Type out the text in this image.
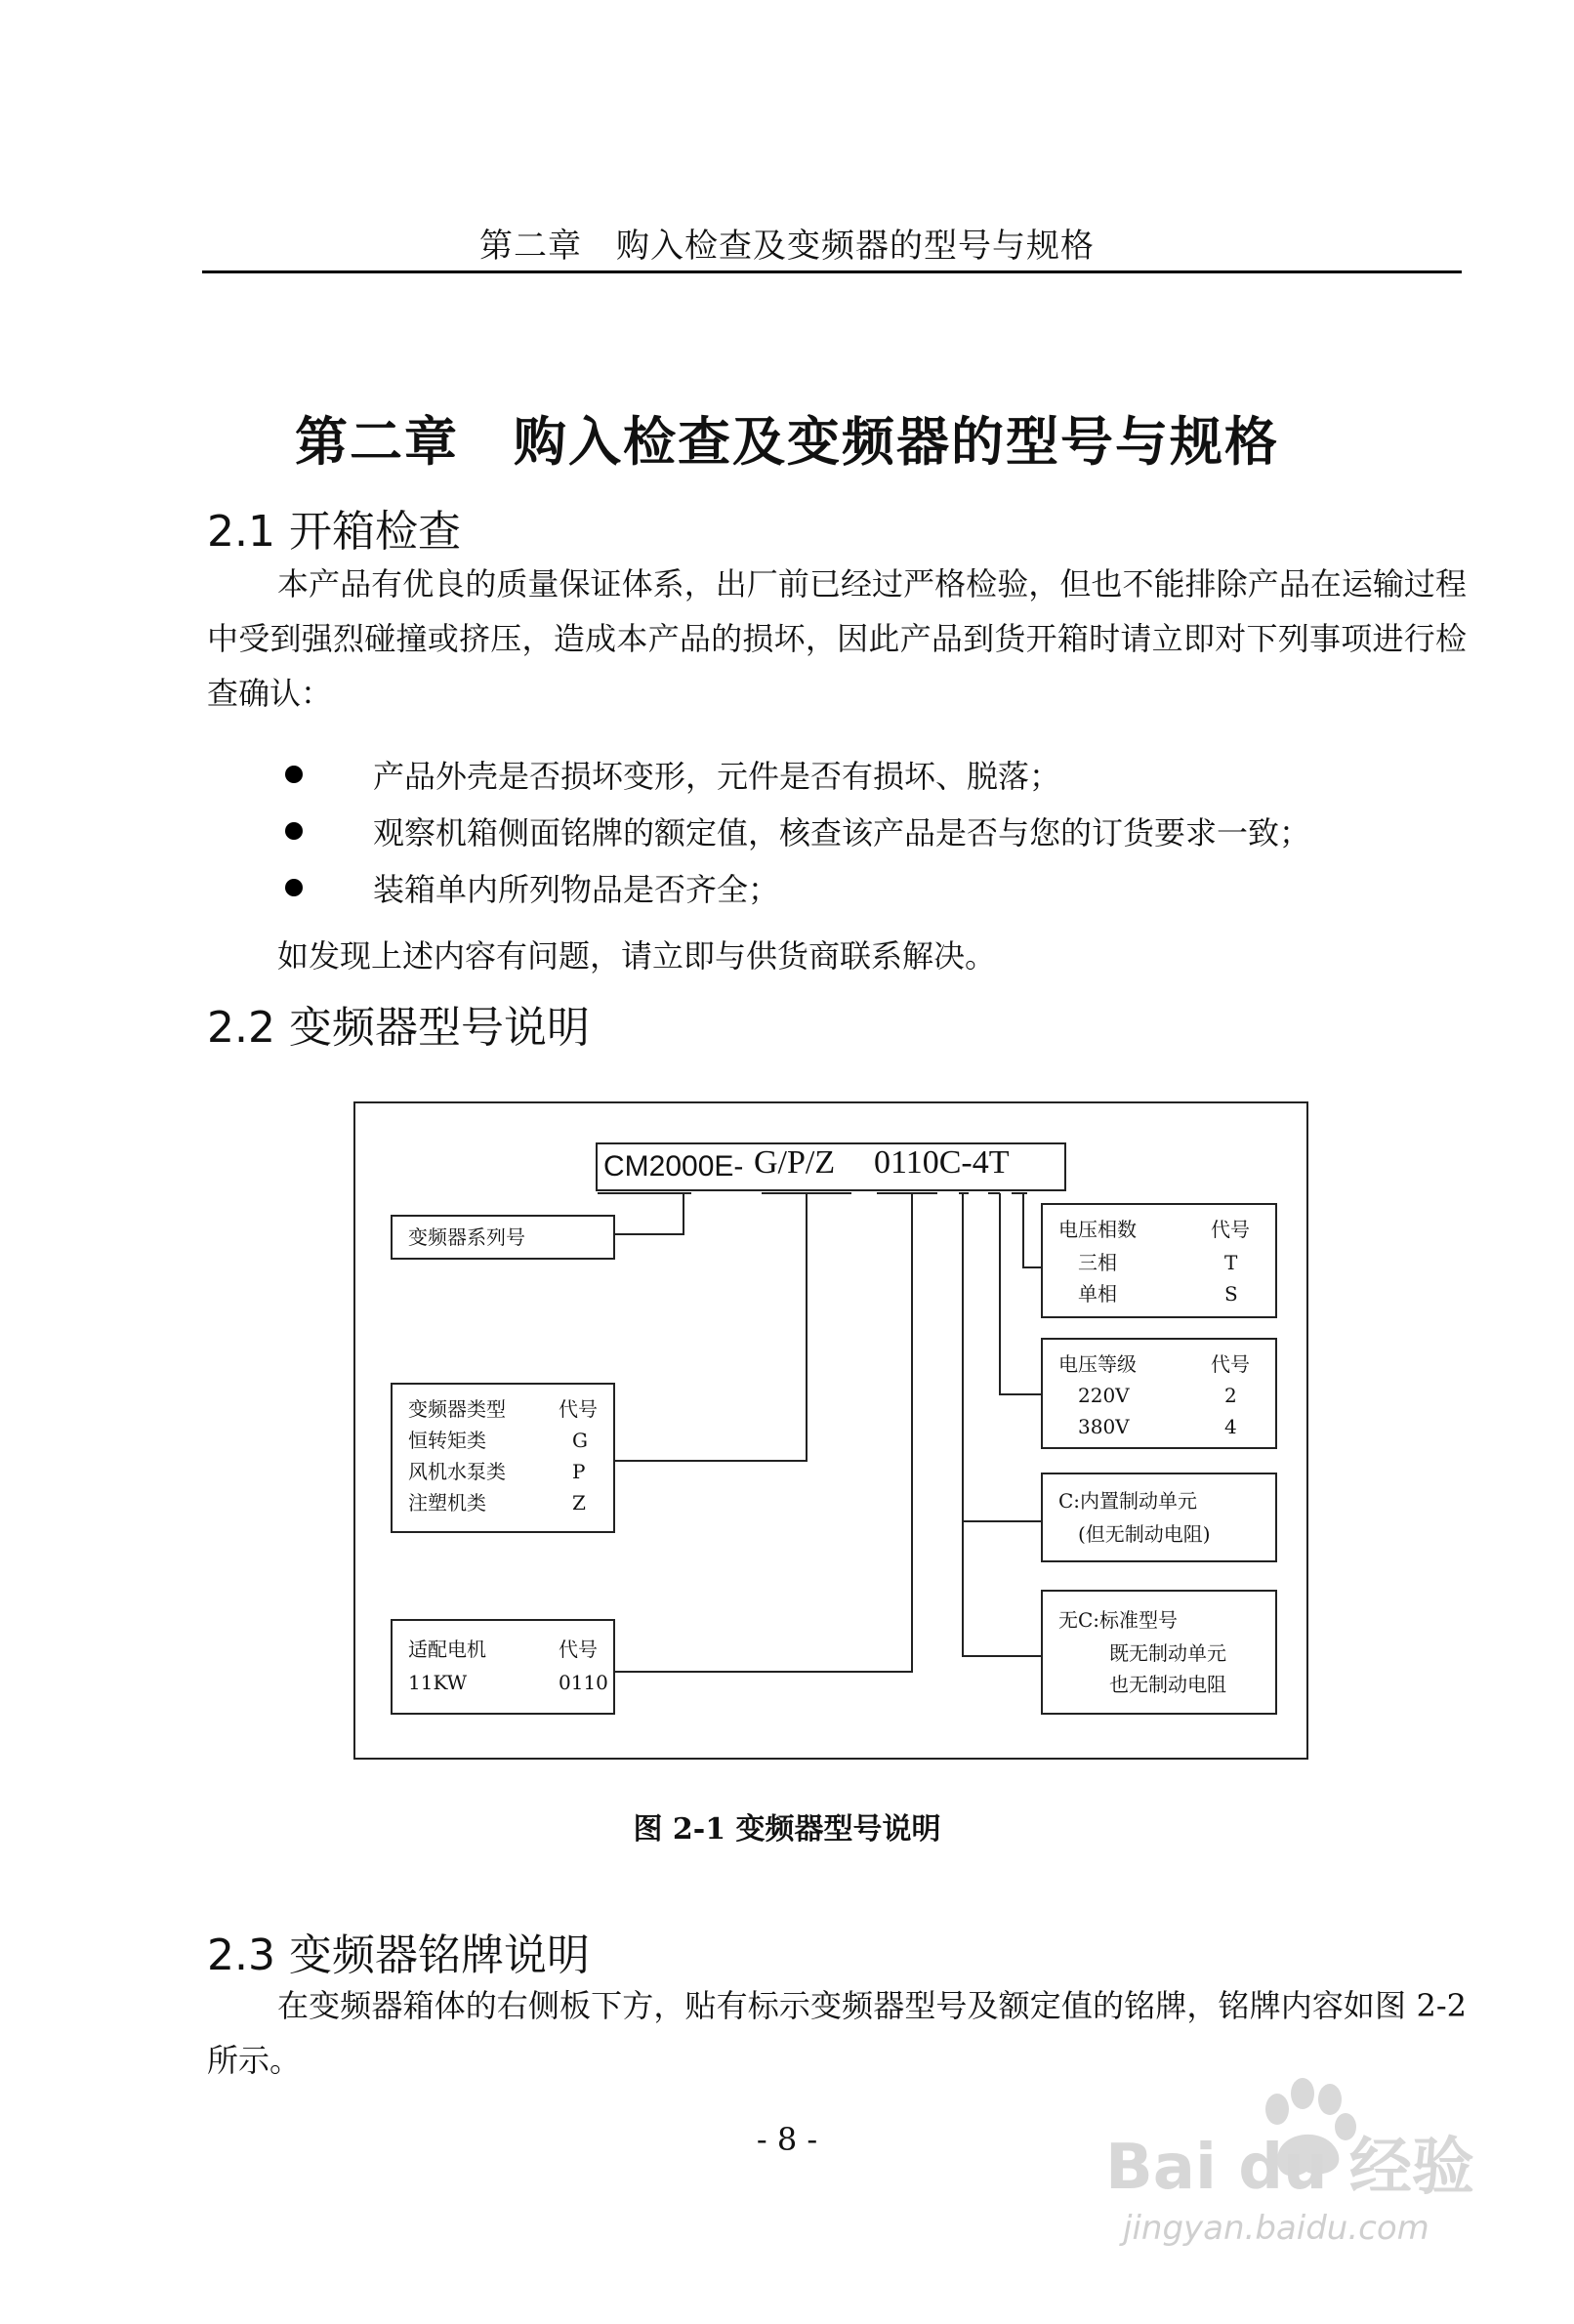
第二章　购入检查及变频器的型号与规格
第二章　购入检查及变频器的型号与规格
2.1 开箱检查
本产品有优良的质量保证体系，出厂前已经过严格检验，但也不能排除产品在运输过程中受到强烈碰撞或挤压，造成本产品的损坏，因此产品到货开箱时请立即对下列事项进行检查确认：
产品外壳是否损坏变形，元件是否有损坏、脱落；
观察机箱侧面铭牌的额定值，核查该产品是否与您的订货要求一致；
装箱单内所列物品是否齐全；
如发现上述内容有问题，请立即与供货商联系解决。
2.2 变频器型号说明
CM2000E- G/P/Z 0110C-4T
变频器系列号
变频器类型	代号
恒转矩类	G
风机水泵类	P
注塑机类	Z
适配电机	代号
11KW	0110
电压相数	代号
三相	T
单相	S
电压等级	代号
220V	2
380V	4
C:内置制动单元
(但无制动电阻)
无C:标准型号
既无制动单元
也无制动电阻
图 2-1 变频器型号说明
2.3 变频器铭牌说明
在变频器箱体的右侧板下方，贴有标示变频器型号及额定值的铭牌，铭牌内容如图 2-2 所示。
- 8 -	Bai du 经验
jingyan.baidu.com
